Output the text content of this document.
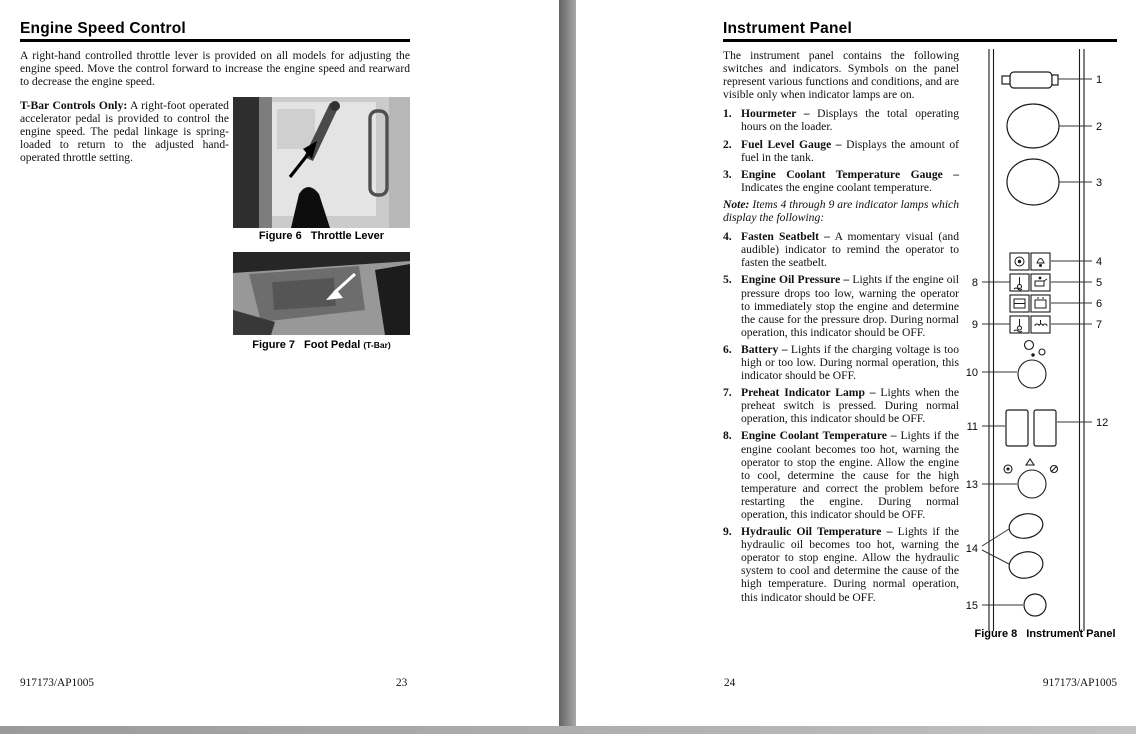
Engine Speed Control

A right-hand controlled throttle lever is provided on all models for adjusting the engine speed. Move the control forward to increase the engine speed and rearward to decrease the engine speed.

T-Bar Controls Only: A right-foot operated accelerator pedal is provided to control the engine speed. The pedal linkage is spring-loaded to return to the adjusted hand-operated throttle setting.

Figure 6 Throttle Lever
Figure 7 Foot Pedal (T-Bar)
917173/AP1005	23
Instrument Panel

The instrument panel contains the following switches and indicators. Symbols on the panel represent various functions and conditions, and are visible only when indicator lamps are on.

1. Hourmeter – Displays the total operating hours on the loader.
2. Fuel Level Gauge – Displays the amount of fuel in the tank.
3. Engine Coolant Temperature Gauge – Indicates the engine coolant temperature.

Note: Items 4 through 9 are indicator lamps which display the following:

4. Fasten Seatbelt – A momentary visual (and audible) indicator to remind the operator to fasten the seatbelt.
5. Engine Oil Pressure – Lights if the engine oil pressure drops too low, warning the operator to immediately stop the engine and determine the cause for the pressure drop. During normal operation, this indicator should be OFF.
6. Battery – Lights if the charging voltage is too high or too low. During normal operation, this indicator should be OFF.
7. Preheat Indicator Lamp – Lights when the preheat switch is pressed. During normal operation, this indicator should be OFF.
8. Engine Coolant Temperature – Lights if the engine coolant becomes too hot, warning the operator to stop the engine. Allow the engine to cool, determine the cause for the high temperature and correct the problem before restarting the engine. During normal operation, this indicator should be OFF.
9. Hydraulic Oil Temperature – Lights if the hydraulic oil becomes too hot, warning the operator to stop engine. Allow the hydraulic system to cool and determine the cause of the high temperature. During normal operation, this indicator should be OFF.
1
2
3
4
5
6
7
8
9
10
11	12
13
14
15
Figure 8 Instrument Panel
24	917173/AP1005
